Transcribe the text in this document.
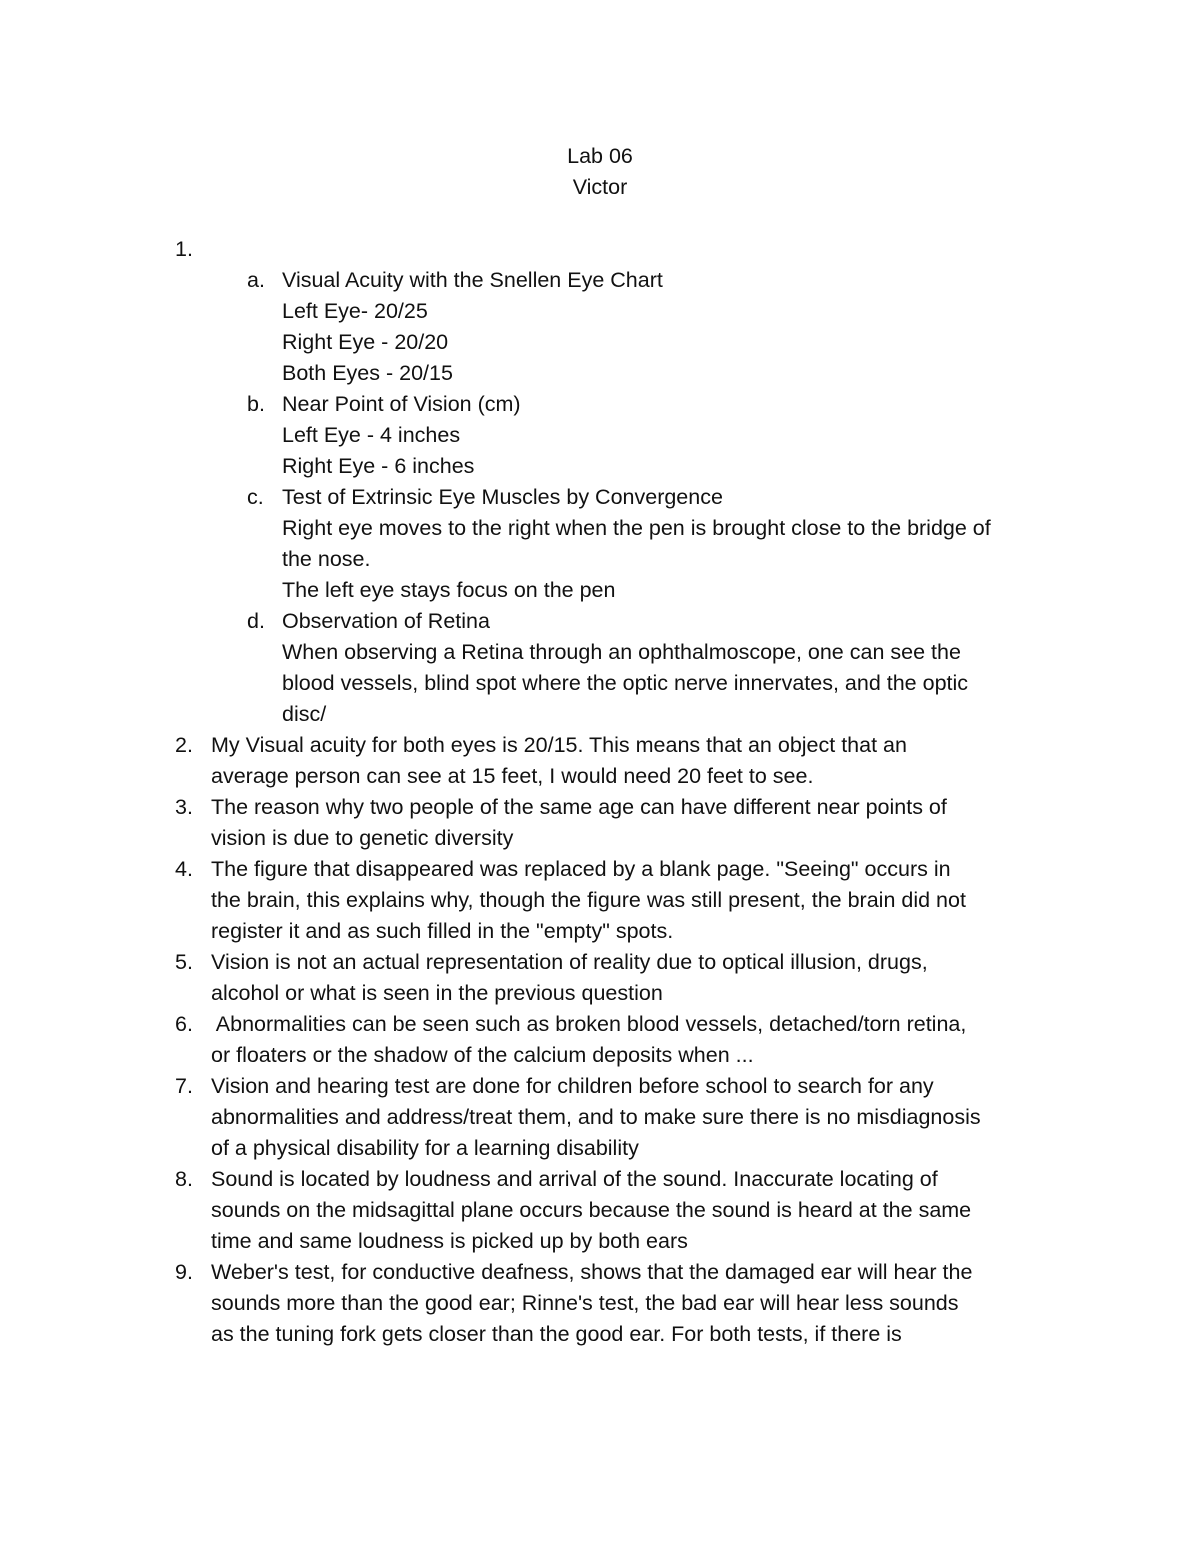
Lab 06
Victor
1.

a. Visual Acuity with the Snellen Eye Chart
Left Eye- 20/25
Right Eye - 20/20
Both Eyes - 20/15
b. Near Point of Vision (cm)
Left Eye - 4 inches
Right Eye - 6 inches
c. Test of Extrinsic Eye Muscles by Convergence
Right eye moves to the right when the pen is brought close to the bridge of
the nose.
The left eye stays focus on the pen
d. Observation of Retina
When observing a Retina through an ophthalmoscope, one can see the
blood vessels, blind spot where the optic nerve innervates, and the optic
disc/
2. My Visual acuity for both eyes is 20/15. This means that an object that an
average person can see at 15 feet, I would need 20 feet to see.
3. The reason why two people of the same age can have different near points of
vision is due to genetic diversity
4. The figure that disappeared was replaced by a blank page. "Seeing" occurs in
the brain, this explains why, though the figure was still present, the brain did not
register it and as such filled in the "empty" spots.
5. Vision is not an actual representation of reality due to optical illusion, drugs,
alcohol or what is seen in the previous question
6. Abnormalities can be seen such as broken blood vessels, detached/torn retina,
or floaters or the shadow of the calcium deposits when ...
7. Vision and hearing test are done for children before school to search for any
abnormalities and address/treat them, and to make sure there is no misdiagnosis
of a physical disability for a learning disability
8. Sound is located by loudness and arrival of the sound. Inaccurate locating of
sounds on the midsagittal plane occurs because the sound is heard at the same
time and same loudness is picked up by both ears
9. Weber's test, for conductive deafness, shows that the damaged ear will hear the
sounds more than the good ear; Rinne's test, the bad ear will hear less sounds
as the tuning fork gets closer than the good ear. For both tests, if there is
